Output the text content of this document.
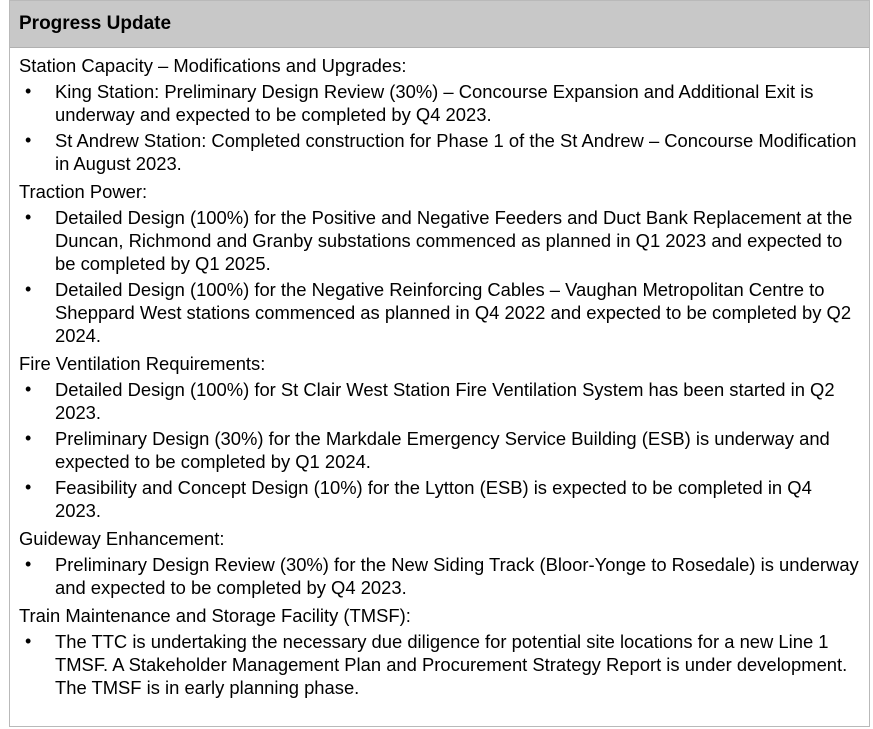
Progress Update
Station Capacity – Modifications and Upgrades:
• King Station: Preliminary Design Review (30%) – Concourse Expansion and Additional Exit is underway and expected to be completed by Q4 2023.
• St Andrew Station: Completed construction for Phase 1 of the St Andrew – Concourse Modification in August 2023.
Traction Power:
• Detailed Design (100%) for the Positive and Negative Feeders and Duct Bank Replacement at the Duncan, Richmond and Granby substations commenced as planned in Q1 2023 and expected to be completed by Q1 2025.
• Detailed Design (100%) for the Negative Reinforcing Cables – Vaughan Metropolitan Centre to Sheppard West stations commenced as planned in Q4 2022 and expected to be completed by Q2 2024.
Fire Ventilation Requirements:
• Detailed Design (100%) for St Clair West Station Fire Ventilation System has been started in Q2 2023.
• Preliminary Design (30%) for the Markdale Emergency Service Building (ESB) is underway and expected to be completed by Q1 2024.
• Feasibility and Concept Design (10%) for the Lytton (ESB) is expected to be completed in Q4 2023.
Guideway Enhancement:
• Preliminary Design Review (30%) for the New Siding Track (Bloor-Yonge to Rosedale) is underway and expected to be completed by Q4 2023.
Train Maintenance and Storage Facility (TMSF):
• The TTC is undertaking the necessary due diligence for potential site locations for a new Line 1 TMSF. A Stakeholder Management Plan and Procurement Strategy Report is under development. The TMSF is in early planning phase.
